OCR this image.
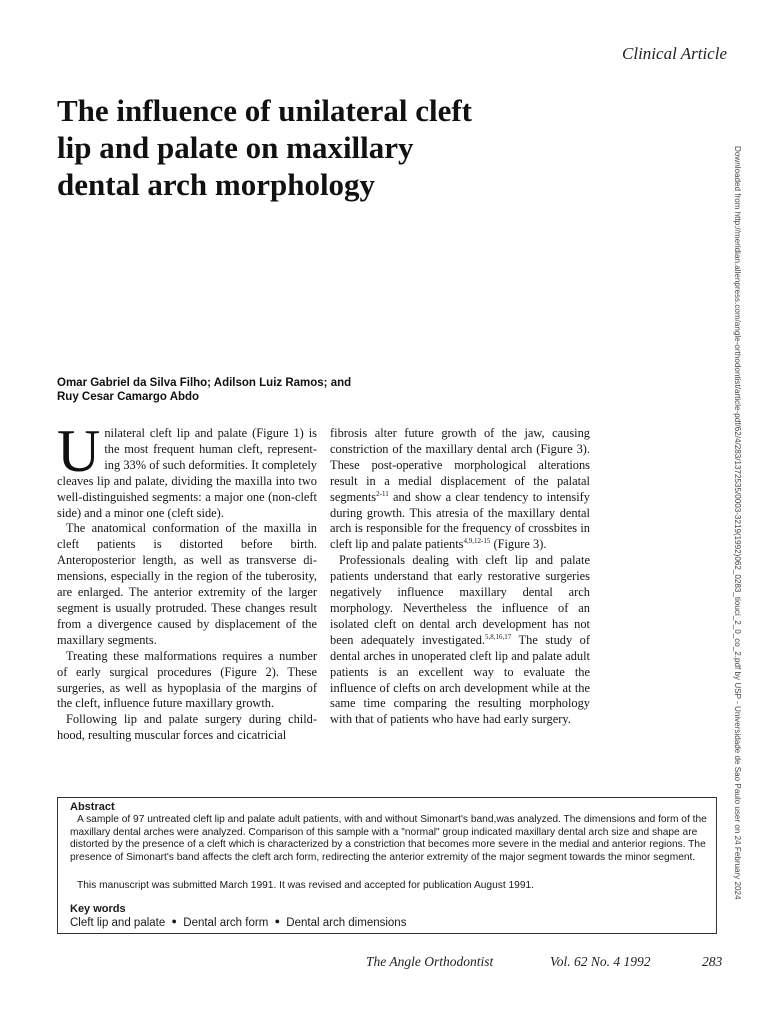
Clinical Article
The influence of unilateral cleft lip and palate on maxillary dental arch morphology	Downloaded from http://meridian.allenpress.com/angle-orthodontist/article-pdf/62/4/283/1372535/0003-3219(1992)062_0283_tiouci_2_0_co_2.pdf by USP - Universidade de Sao Paulo user on 24 February 2024
Omar Gabriel da Silva Filho; Adilson Luiz Ramos; and
Ruy Cesar Camargo Abdo

Unilateral cleft lip and palate (Figure 1) is the most frequent human cleft, representing 33% of such deformities. It completely cleaves lip and palate, dividing the maxilla into two well-distinguished segments: a major one (non-cleft side) and a minor one (cleft side).

The anatomical conformation of the maxilla in cleft patients is distorted before birth. Anteroposterior length, as well as transverse dimensions, especially in the region of the tuberosity, are enlarged. The anterior extremity of the larger segment is usually protruded. These changes result from a divergence caused by displacement of the maxillary segments.

Treating these malformations requires a number of early surgical procedures (Figure 2). These surgeries, as well as hypoplasia of the margins of the cleft, influence future maxillary growth.

Following lip and palate surgery during childhood, resulting muscular forces and cicatricial

fibrosis alter future growth of the jaw, causing constriction of the maxillary dental arch (Figure 3). These post-operative morphological alterations result in a medial displacement of the palatal segments$^{2-11}$ and show a clear tendency to intensify during growth. This atresia of the maxillary dental arch is responsible for the frequency of crossbites in cleft lip and palate patients$^{4,9,12-15}$ (Figure 3).

Professionals dealing with cleft lip and palate patients understand that early restorative surgeries negatively influence maxillary dental arch morphology. Nevertheless the influence of an isolated cleft on dental arch development has not been adequately investigated.$^{5,8,16,17}$ The study of dental arches in unoperated cleft lip and palate adult patients is an excellent way to evaluate the influence of clefts on arch development while at the same time comparing the resulting morphology with that of patients who have had early surgery.

Abstract

A sample of 97 untreated cleft lip and palate adult patients, with and without Simonart's band,was analyzed. The dimensions and form of the maxillary dental arches were analyzed. Comparison of this sample with a "normal" group indicated maxillary dental arch size and shape are distorted by the presence of a cleft which is characterized by a constriction that becomes more severe in the medial and anterior regions. The presence of Simonart's band affects the cleft arch form, redirecting the anterior extremity of the major segment towards the minor segment.

This manuscript was submitted March 1991. It was revised and accepted for publication August 1991.

Key words
Cleft lip and palate ● Dental arch form ● Dental arch dimensions
The Angle Orthodontist	Vol. 62 No. 4 1992	283
